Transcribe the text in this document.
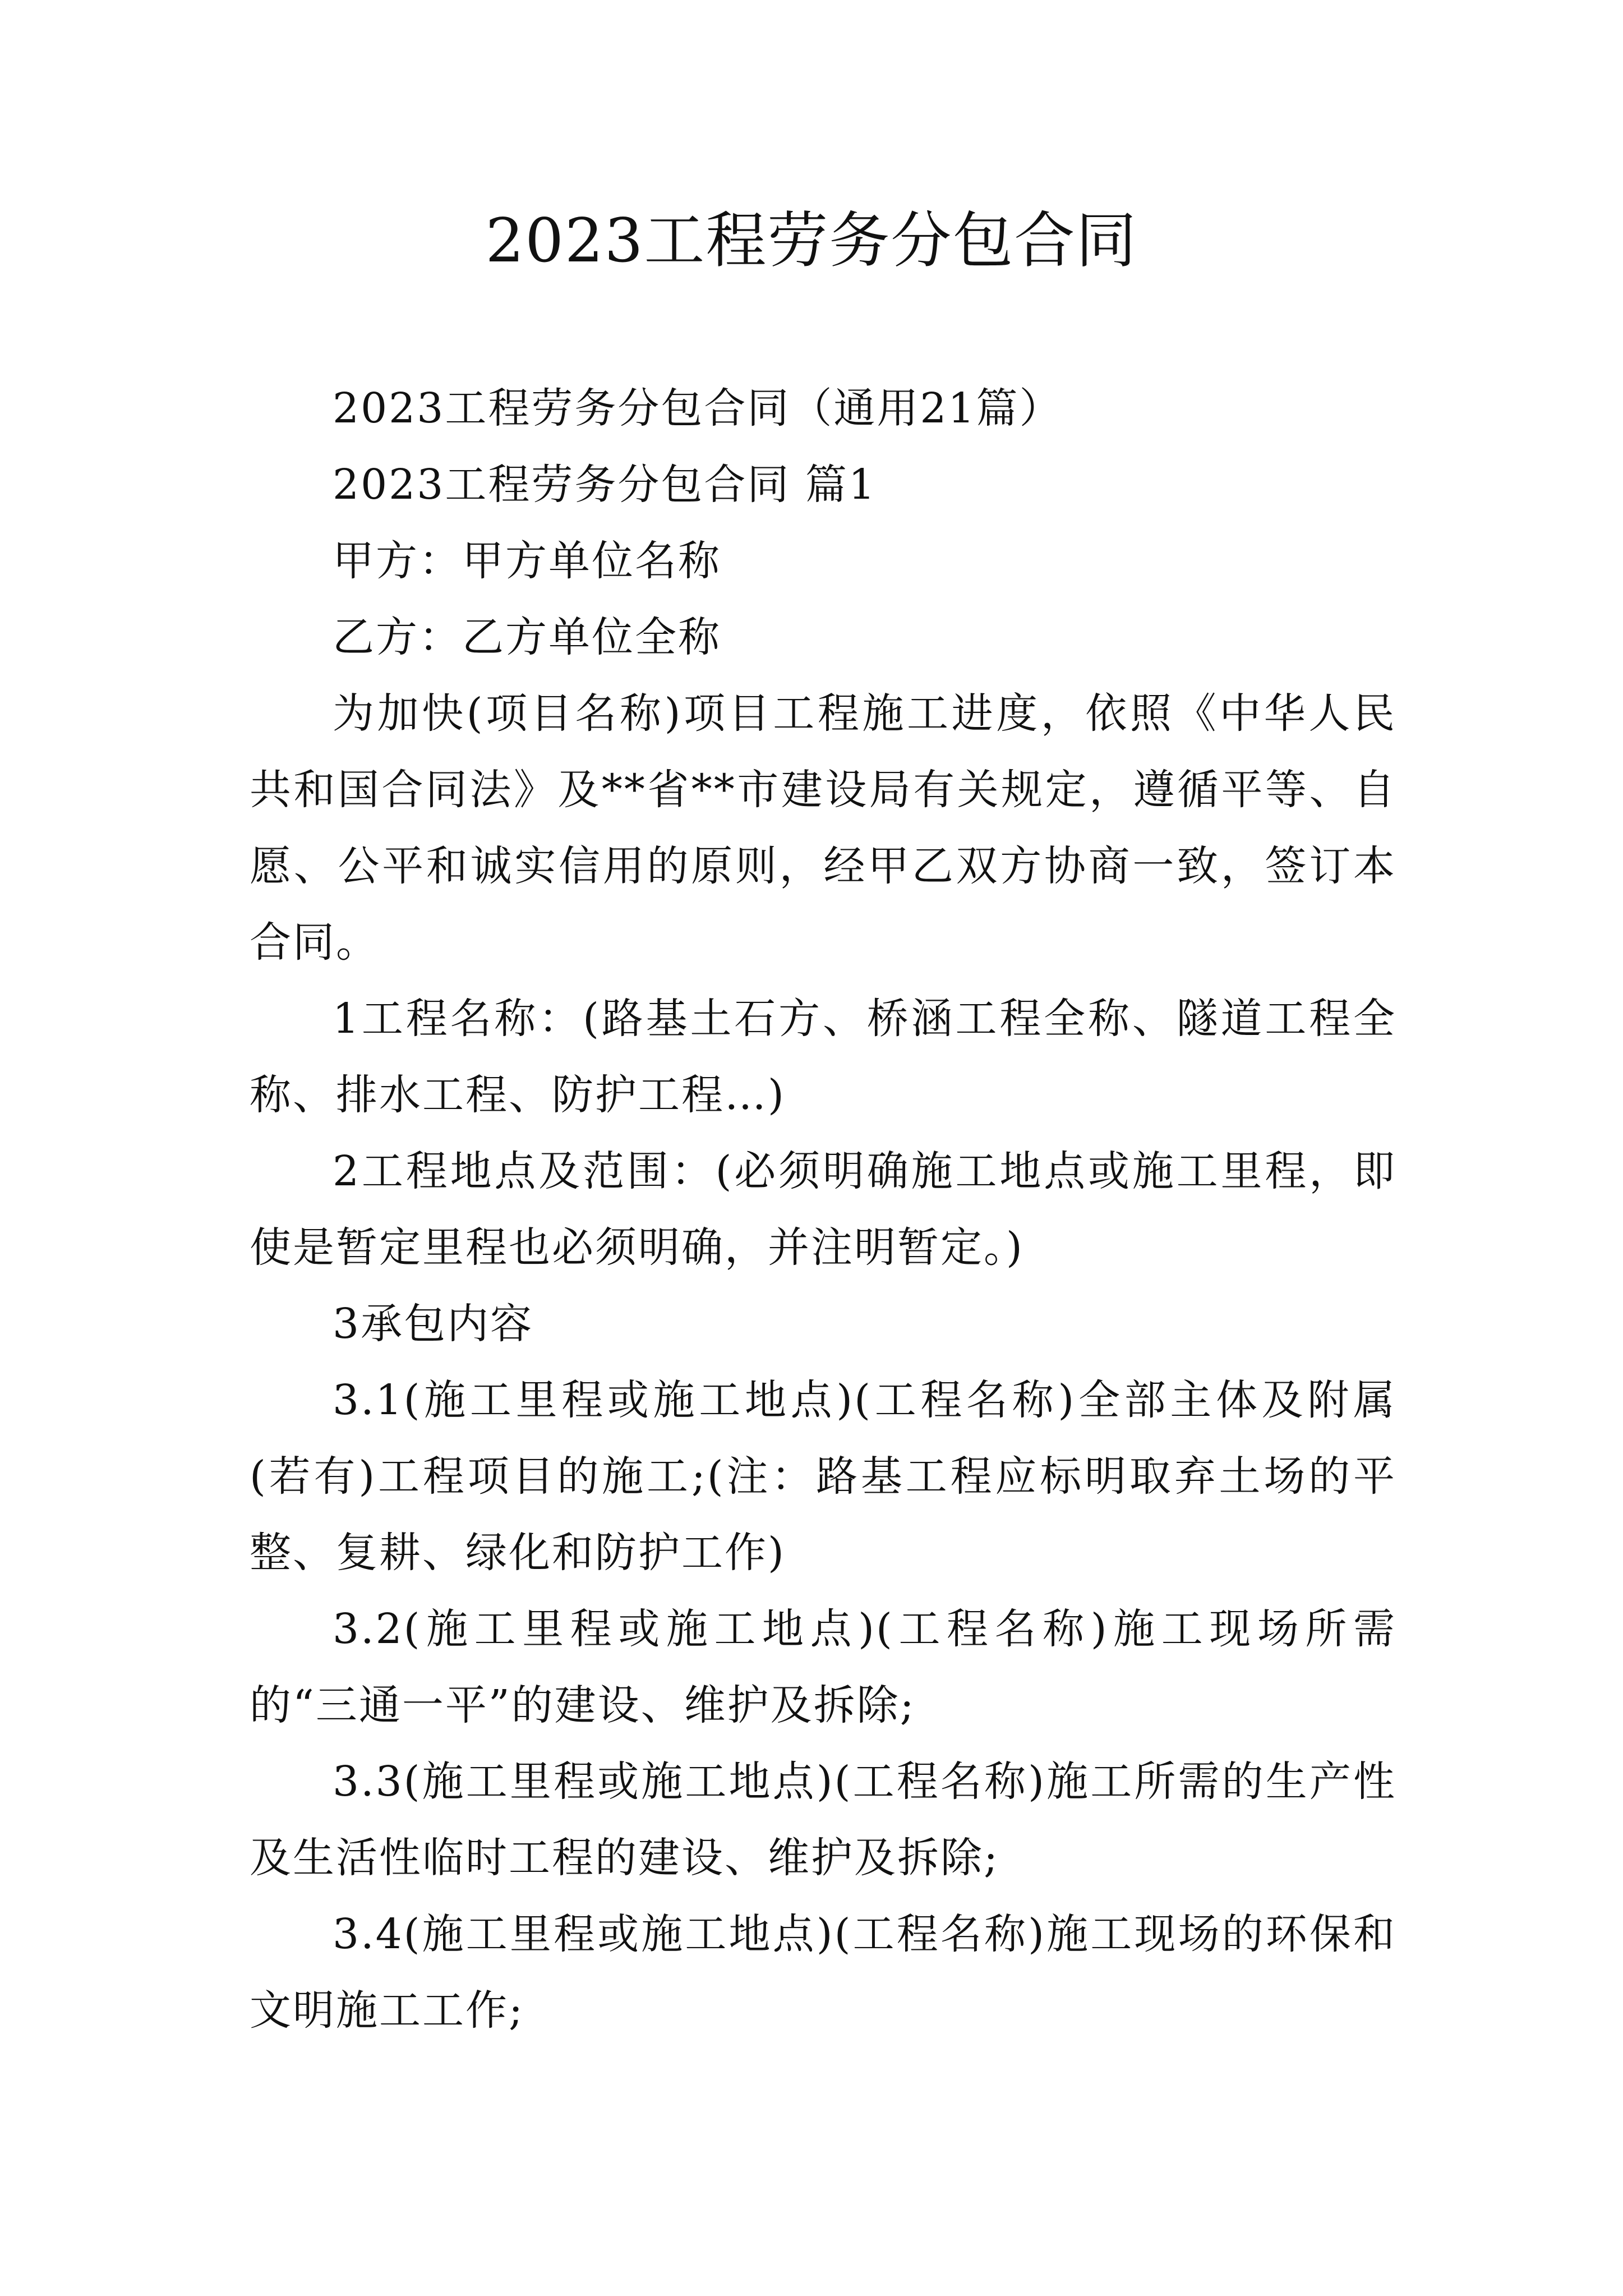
2023工程劳务分包合同

2023工程劳务分包合同（通用21篇）

2023工程劳务分包合同 篇1

甲方：甲方单位名称

乙方：乙方单位全称

为加快(项目名称)项目工程施工进度，依照《中华人民共和国合同法》及**省**市建设局有关规定，遵循平等、自愿、公平和诚实信用的原则，经甲乙双方协商一致，签订本合同。

1工程名称：(路基土石方、桥涵工程全称、隧道工程全称、排水工程、防护工程…)

2工程地点及范围：(必须明确施工地点或施工里程，即使是暂定里程也必须明确，并注明暂定。)

3承包内容

3.1(施工里程或施工地点)(工程名称)全部主体及附属(若有)工程项目的施工;(注：路基工程应标明取弃土场的平整、复耕、绿化和防护工作)

3.2(施工里程或施工地点)(工程名称)施工现场所需的“三通一平”的建设、维护及拆除;

3.3(施工里程或施工地点)(工程名称)施工所需的生产性及生活性临时工程的建设、维护及拆除;

3.4(施工里程或施工地点)(工程名称)施工现场的环保和文明施工工作;
